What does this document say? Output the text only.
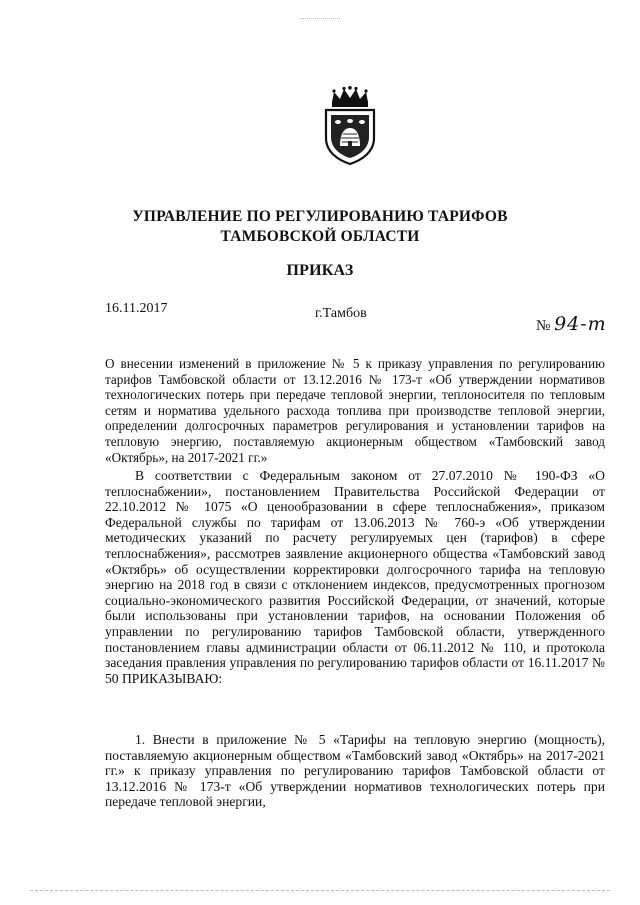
УПРАВЛЕНИЕ ПО РЕГУЛИРОВАНИЮ ТАРИФОВ
ТАМБОВСКОЙ ОБЛАСТИ
ПРИКАЗ
16.11.2017	г.Тамбов
№ 94-т
О внесении изменений в приложение № 5 к приказу управления по регулированию тарифов Тамбовской области от 13.12.2016 № 173-т «Об утверждении нормативов технологических потерь при передаче тепловой энергии, теплоносителя по тепловым сетям и норматива удельного расхода топлива при производстве тепловой энергии, определении долгосрочных параметров регулирования и установлении тарифов на тепловую энергию, поставляемую акционерным обществом «Тамбовский завод «Октябрь», на 2017-2021 гг.»
В соответствии с Федеральным законом от 27.07.2010 № 190-ФЗ «О теплоснабжении», постановлением Правительства Российской Федерации от 22.10.2012 № 1075 «О ценообразовании в сфере теплоснабжения», приказом Федеральной службы по тарифам от 13.06.2013 № 760-э «Об утверждении методических указаний по расчету регулируемых цен (тарифов) в сфере теплоснабжения», рассмотрев заявление акционерного общества «Тамбовский завод «Октябрь» об осуществлении корректировки долгосрочного тарифа на тепловую энергию на 2018 год в связи с отклонением индексов, предусмотренных прогнозом социально-экономического развития Российской Федерации, от значений, которые были использованы при установлении тарифов, на основании Положения об управлении по регулированию тарифов Тамбовской области, утвержденного постановлением главы администрации области от 06.11.2012 № 110, и протокола заседания правления управления по регулированию тарифов области от 16.11.2017 № 50 ПРИКАЗЫВАЮ:
1. Внести в приложение № 5 «Тарифы на тепловую энергию (мощность), поставляемую акционерным обществом «Тамбовский завод «Октябрь» на 2017-2021 гг.» к приказу управления по регулированию тарифов Тамбовской области от 13.12.2016 № 173-т «Об утверждении нормативов технологических потерь при передаче тепловой энергии,
